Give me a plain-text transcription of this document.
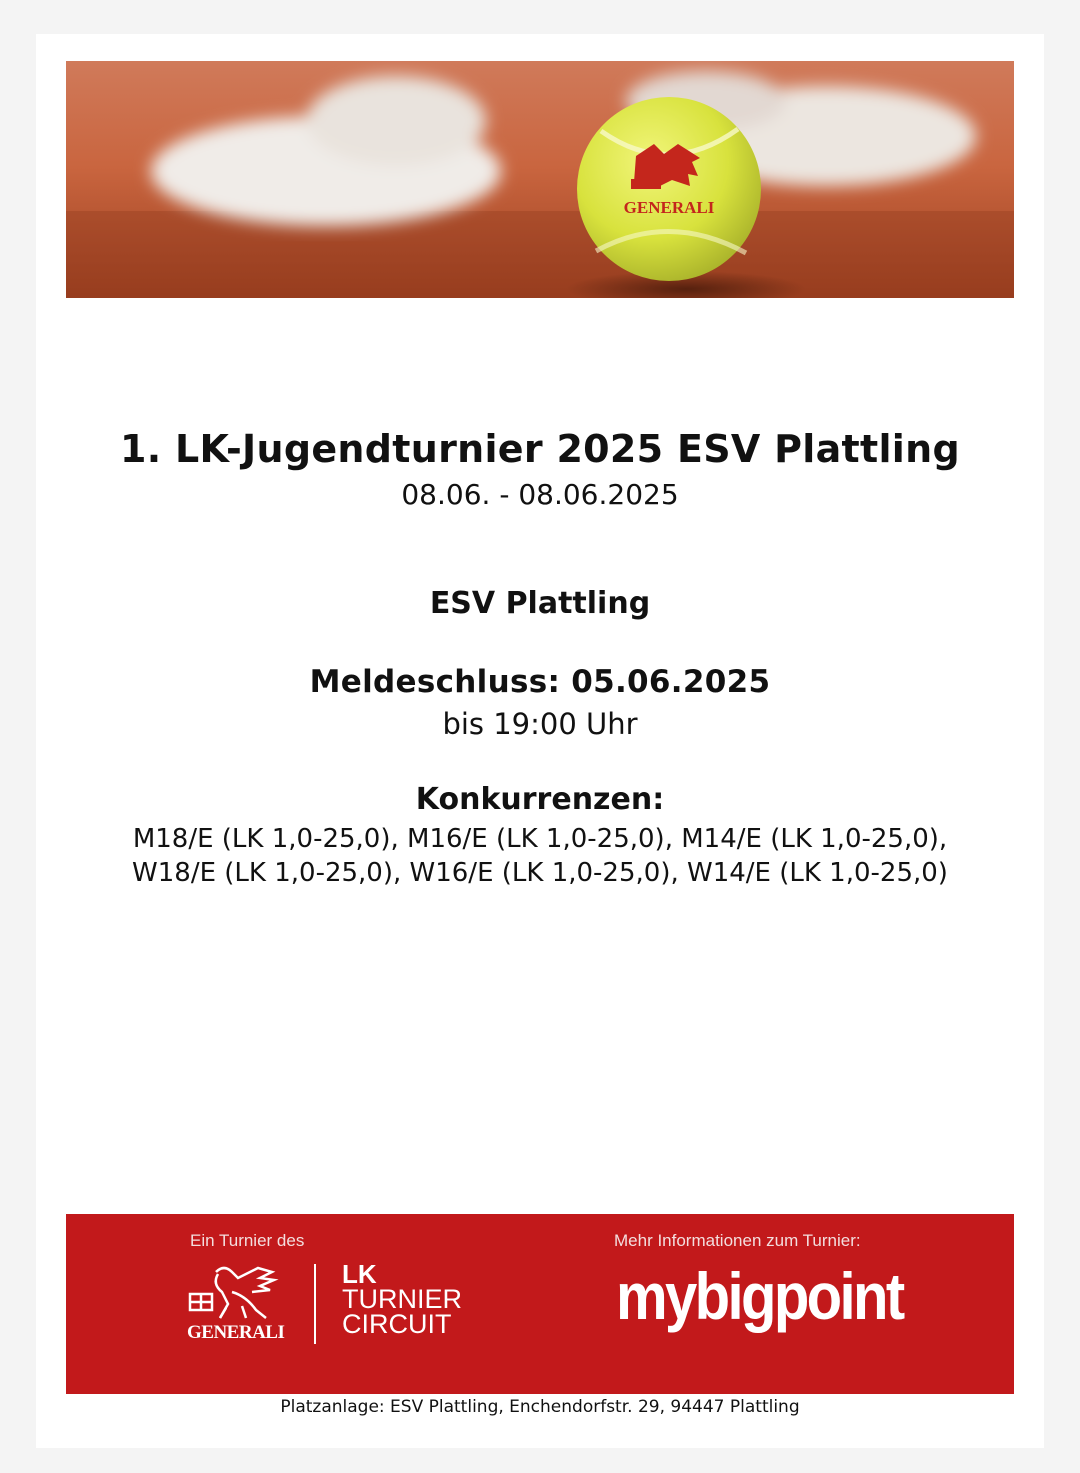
GENERALI
1. LK-Jugendturnier 2025 ESV Plattling
08.06. - 08.06.2025
ESV Plattling
Meldeschluss: 05.06.2025
bis 19:00 Uhr
Konkurrenzen:
M18/E (LK 1,0-25,0), M16/E (LK 1,0-25,0), M14/E (LK 1,0-25,0),
W18/E (LK 1,0-25,0), W16/E (LK 1,0-25,0), W14/E (LK 1,0-25,0)
Ein Turnier des
GENERALI
LK
TURNIER
CIRCUIT
Mehr Informationen zum Turnier:
mybigpoint
Platzanlage: ESV Plattling, Enchendorfstr. 29, 94447 Plattling
